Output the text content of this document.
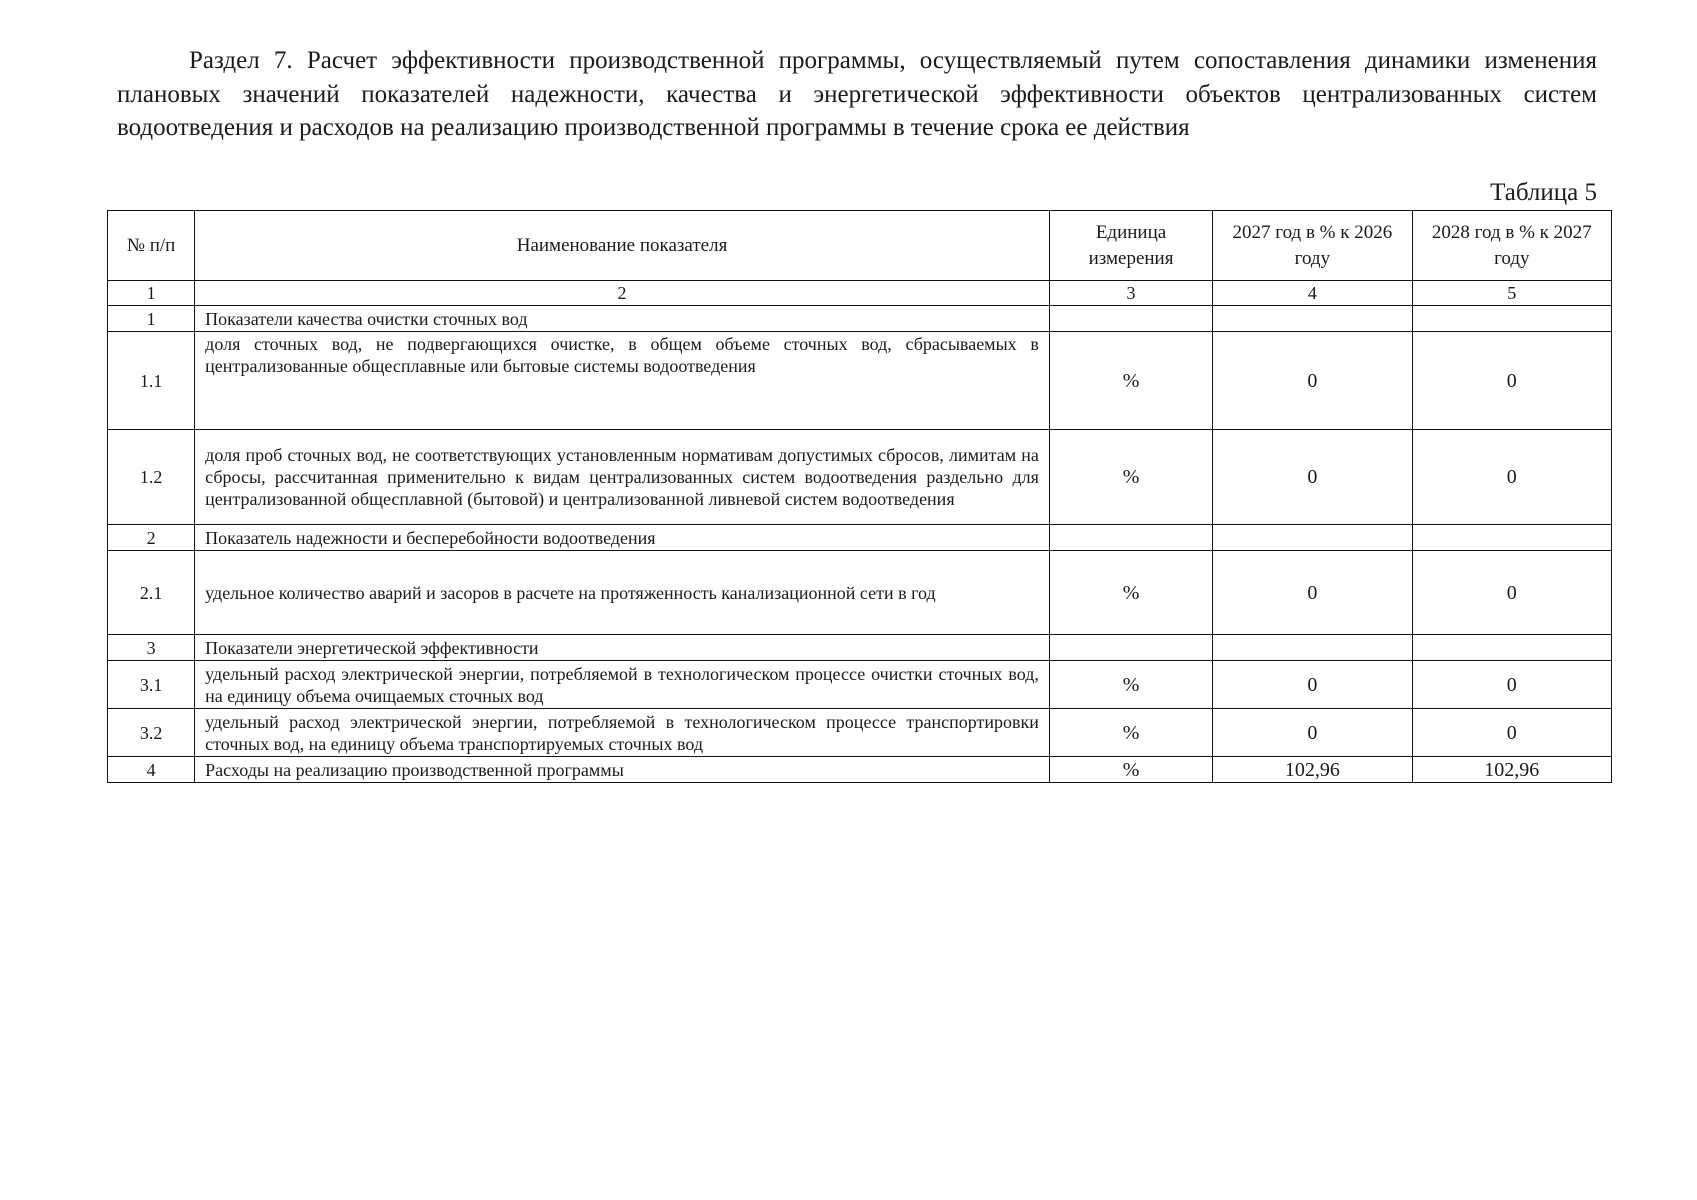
Раздел 7. Расчет эффективности производственной программы, осуществляемый путем сопоставления динамики изменения плановых значений показателей надежности, качества и энергетической эффективности объектов централизованных систем водоотведения и расходов на реализацию производственной программы в течение срока ее действия

Таблица 5

№ п/п	Наименование показателя	Единица измерения	2027 год в % к 2026 году	2028 год в % к 2027 году
1	2	3	4	5
1	Показатели качества очистки сточных вод			
1.1	доля сточных вод, не подвергающихся очистке, в общем объеме сточных вод, сбрасываемых в централизованные общесплавные или бытовые системы водоотведения	%	0	0
1.2	доля проб сточных вод, не соответствующих установленным нормативам допустимых сбросов, лимитам на сбросы, рассчитанная применительно к видам централизованных систем водоотведения раздельно для централизованной общесплавной (бытовой) и централизованной ливневой систем водоотведения	%	0	0
2	Показатель надежности и бесперебойности водоотведения			
2.1	удельное количество аварий и засоров в расчете на протяженность канализационной сети в год	%	0	0
3	Показатели энергетической эффективности			
3.1	удельный расход электрической энергии, потребляемой в технологическом процессе очистки сточных вод, на единицу объема очищаемых сточных вод	%	0	0
3.2	удельный расход электрической энергии, потребляемой в технологическом процессе транспортировки сточных вод, на единицу объема транспортируемых сточных вод	%	0	0
4	Расходы на реализацию производственной программы	%	102,96	102,96
